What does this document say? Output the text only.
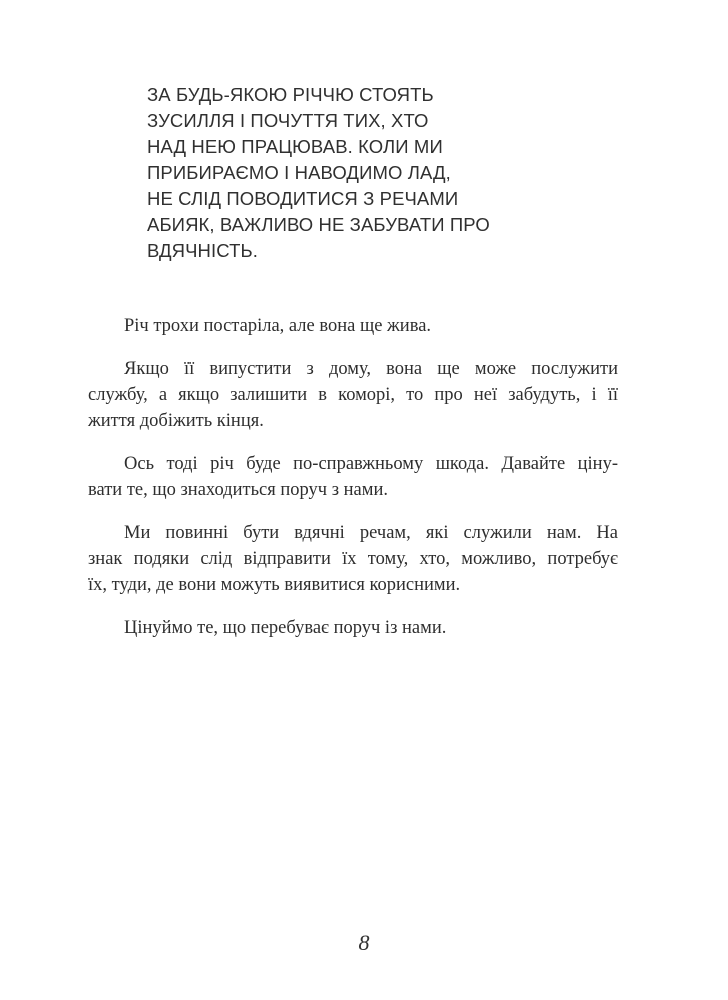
ЗА БУДЬ-ЯКОЮ РІЧЧЮ СТОЯТЬ
ЗУСИЛЛЯ І ПОЧУТТЯ ТИХ, ХТО
НАД НЕЮ ПРАЦЮВАВ. КОЛИ МИ
ПРИБИРАЄМО І НАВОДИМО ЛАД,
НЕ СЛІД ПОВОДИТИСЯ З РЕЧАМИ
АБИЯК, ВАЖЛИВО НЕ ЗАБУВАТИ ПРО
ВДЯЧНІСТЬ.
Річ трохи постаріла, але вона ще жива.
Якщо її випустити з дому, вона ще може послужити
службу, а якщо залишити в коморі, то про неї забудуть, і її
життя добіжить кінця.
Ось тоді річ буде по-справжньому шкода. Давайте ціну-
вати те, що знаходиться поруч з нами.
Ми повинні бути вдячні речам, які служили нам. На
знак подяки слід відправити їх тому, хто, можливо, потребує
їх, туди, де вони можуть виявитися корисними.
Цінуймо те, що перебуває поруч із нами.
8
